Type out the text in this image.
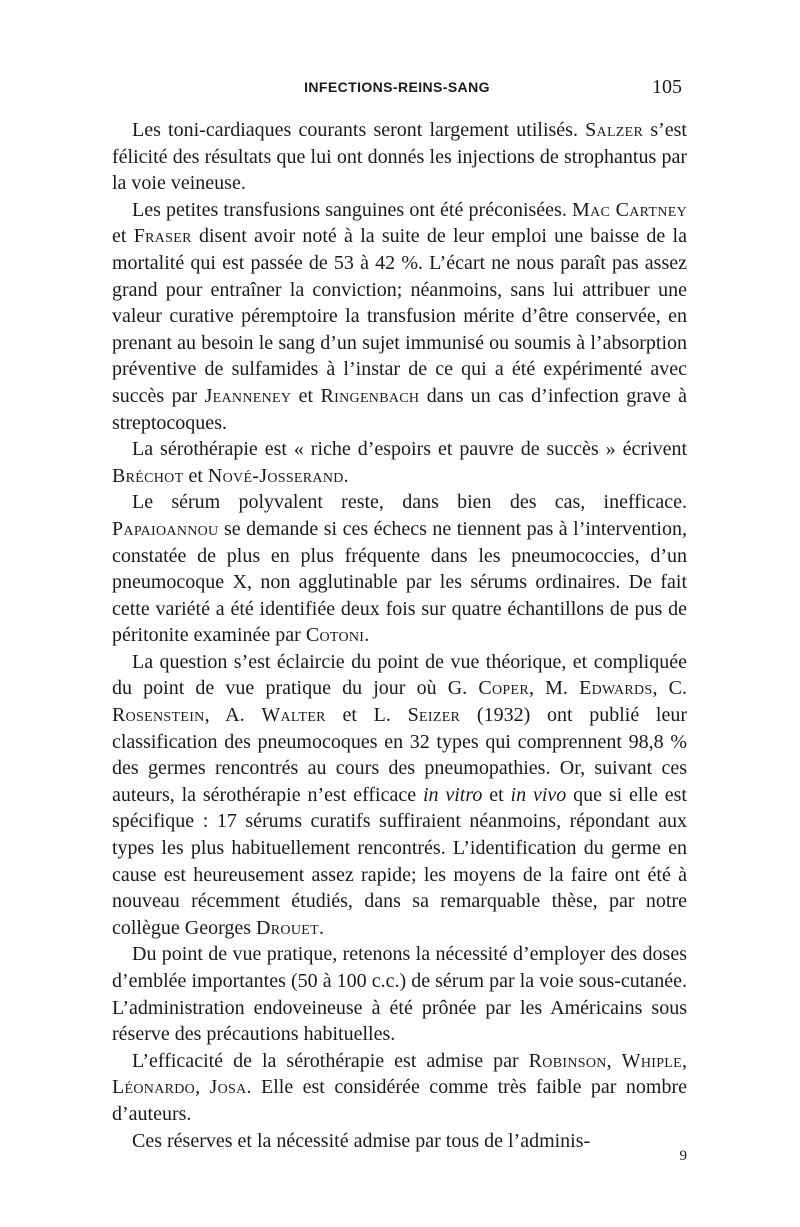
INFECTIONS-REINS-SANG	105

Les toni-cardiaques courants seront largement utilisés. Salzer s’est félicité des résultats que lui ont donnés les injections de strophantus par la voie veineuse.

Les petites transfusions sanguines ont été préconisées. Mac Cartney et Fraser disent avoir noté à la suite de leur emploi une baisse de la mortalité qui est passée de 53 à 42 %. L’écart ne nous paraît pas assez grand pour entraîner la conviction; néanmoins, sans lui attribuer une valeur curative péremptoire la transfusion mérite d’être conservée, en prenant au besoin le sang d’un sujet immunisé ou soumis à l’absorption préventive de sulfamides à l’instar de ce qui a été expérimenté avec succès par Jeanneney et Ringenbach dans un cas d’infection grave à streptocoques.

La sérothérapie est « riche d’espoirs et pauvre de succès » écrivent Bréchot et Nové-Josserand.

Le sérum polyvalent reste, dans bien des cas, inefficace. Papaioannou se demande si ces échecs ne tiennent pas à l’intervention, constatée de plus en plus fréquente dans les pneumococcies, d’un pneumocoque X, non agglutinable par les sérums ordinaires. De fait cette variété a été identifiée deux fois sur quatre échantillons de pus de péritonite examinée par Cotoni.

La question s’est éclaircie du point de vue théorique, et compliquée du point de vue pratique du jour où G. Coper, M. Edwards, C. Rosenstein, A. Walter et L. Seizer (1932) ont publié leur classification des pneumocoques en 32 types qui comprennent 98,8 % des germes rencontrés au cours des pneumopathies. Or, suivant ces auteurs, la sérothérapie n’est efficace in vitro et in vivo que si elle est spécifique : 17 sérums curatifs suffiraient néanmoins, répondant aux types les plus habituellement rencontrés. L’identification du germe en cause est heureusement assez rapide; les moyens de la faire ont été à nouveau récemment étudiés, dans sa remarquable thèse, par notre collègue Georges Drouet.

Du point de vue pratique, retenons la nécessité d’employer des doses d’emblée importantes (50 à 100 c.c.) de sérum par la voie sous-cutanée. L’administration endoveineuse à été prônée par les Américains sous réserve des précautions habituelles.

L’efficacité de la sérothérapie est admise par Robinson, Whiple, Léonardo, Josa. Elle est considérée comme très faible par nombre d’auteurs.

Ces réserves et la nécessité admise par tous de l’adminis-

9
